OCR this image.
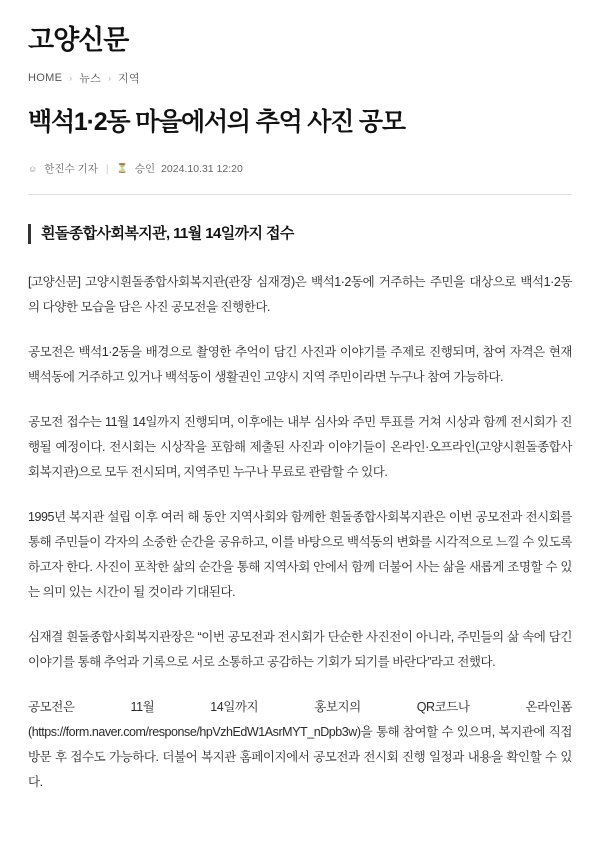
고양신문
HOME › 뉴스 › 지역
백석1·2동 마을에서의 추억 사진 공모
☺ 한진수 기자 | ⏳ 승인 2024.10.31 12:20
흰돌종합사회복지관, 11월 14일까지 접수

[고양신문] 고양시흰돌종합사회복지관(관장 심재경)은 백석1·2동에 거주하는 주민을 대상으로 백석1·2동의 다양한 모습을 담은 사진 공모전을 진행한다.

공모전은 백석1·2동을 배경으로 촬영한 추억이 담긴 사진과 이야기를 주제로 진행되며, 참여 자격은 현재 백석동에 거주하고 있거나 백석동이 생활권인 고양시 지역 주민이라면 누구나 참여 가능하다.

공모전 접수는 11월 14일까지 진행되며, 이후에는 내부 심사와 주민 투표를 거쳐 시상과 함께 전시회가 진행될 예정이다. 전시회는 시상작을 포함해 제출된 사진과 이야기들이 온라인·오프라인(고양시흰돌종합사회복지관)으로 모두 전시되며, 지역주민 누구나 무료로 관람할 수 있다.

1995년 복지관 설립 이후 여러 해 동안 지역사회와 함께한 흰돌종합사회복지관은 이번 공모전과 전시회를 통해 주민들이 각자의 소중한 순간을 공유하고, 이를 바탕으로 백석동의 변화를 시각적으로 느낄 수 있도록 하고자 한다. 사진이 포착한 삶의 순간을 통해 지역사회 안에서 함께 더불어 사는 삶을 새롭게 조명할 수 있는 의미 있는 시간이 될 것이라 기대된다.

심재결 흰돌종합사회복지관장은 “이번 공모전과 전시회가 단순한 사진전이 아니라, 주민들의 삶 속에 담긴 이야기를 통해 추억과 기록으로 서로 소통하고 공감하는 기회가 되기를 바란다”라고 전했다.

공모전은 11월 14일까지 홍보지의 QR코드나 온라인폼(https://form.naver.com/response/hpVzhEdW1AsrMYT_nDpb3w)을 통해 참여할 수 있으며, 복지관에 직접 방문 후 접수도 가능하다. 더불어 복지관 홈페이지에서 공모전과 전시회 진행 일정과 내용을 확인할 수 있다.
